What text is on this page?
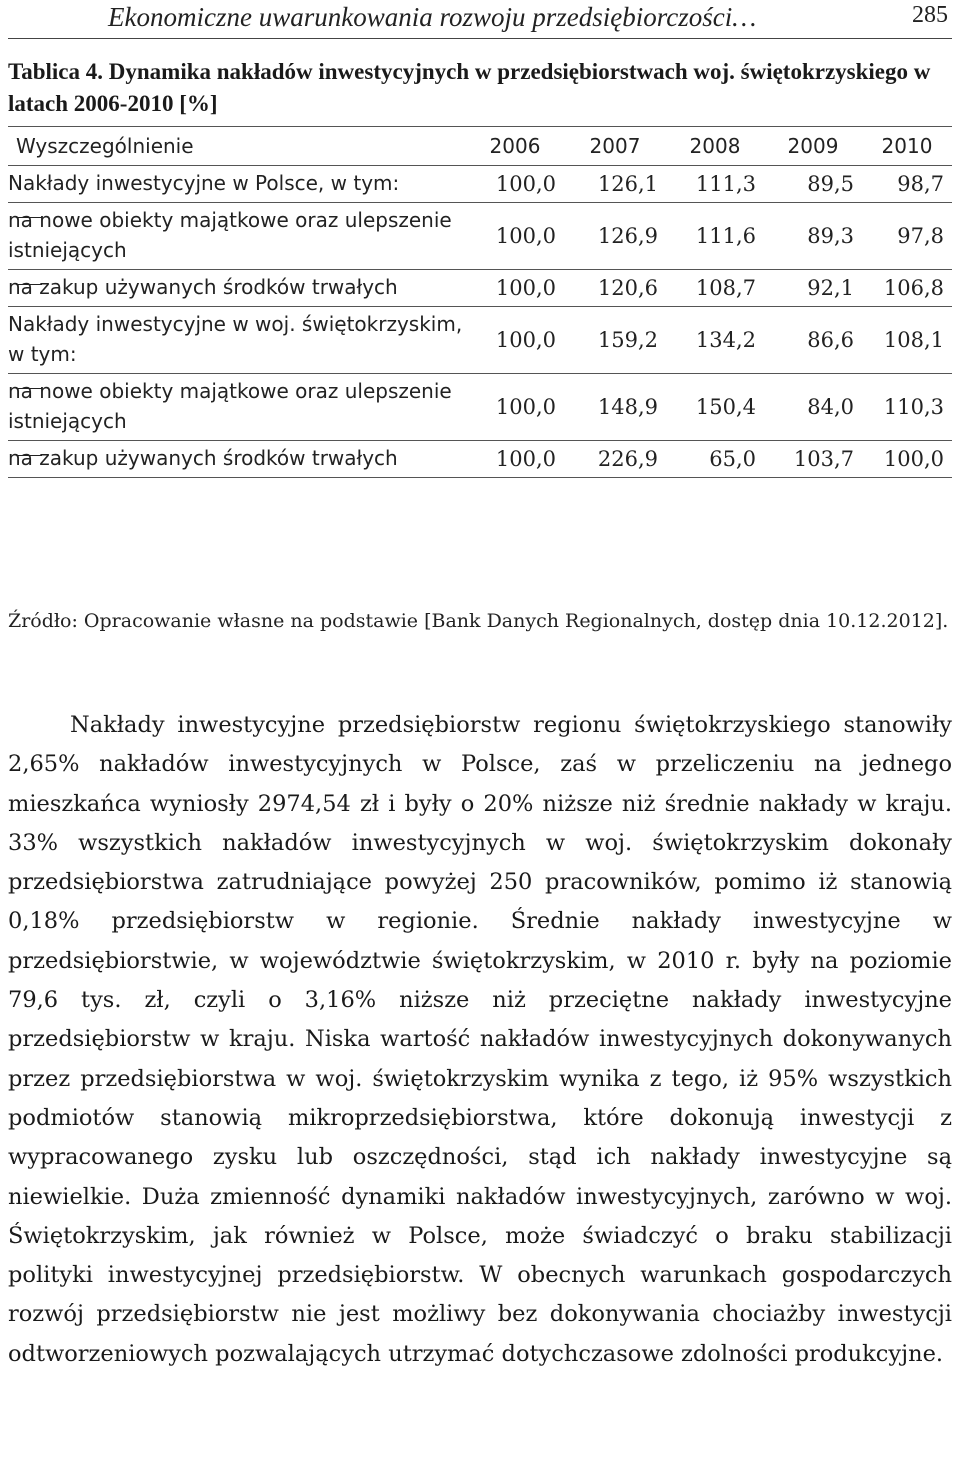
Ekonomiczne uwarunkowania rozwoju przedsiębiorczości…	285
Tablica 4. Dynamika nakładów inwestycyjnych w przedsiębiorstwach woj. świętokrzyskiego w latach 2006-2010 [%]
Wyszczególnienie	2006	2007	2008	2009	2010
Nakłady inwestycyjne w Polsce, w tym:	100,0	126,1	111,3	89,5	98,7

na nowe obiekty majątkowe oraz ulepszenie istniejących	100,0	126,9	111,6	89,3	97,8

na zakup używanych środków trwałych	100,0	120,6	108,7	92,1	106,8
Nakłady inwestycyjne w woj. świętokrzyskim, w tym:	100,0	159,2	134,2	86,6	108,1

na nowe obiekty majątkowe oraz ulepszenie istniejących	100,0	148,9	150,4	84,0	110,3

na zakup używanych środków trwałych	100,0	226,9	65,0	103,7	100,0
Źródło: Opracowanie własne na podstawie [Bank Danych Regionalnych, dostęp dnia 10.12.2012].

Nakłady inwestycyjne przedsiębiorstw regionu świętokrzyskiego stanowiły 2,65% nakładów inwestycyjnych w Polsce, zaś w przeliczeniu na jednego mieszkańca wyniosły 2974,54 zł i były o 20% niższe niż średnie nakłady w kraju. 33% wszystkich nakładów inwestycyjnych w woj. świętokrzyskim dokonały przedsiębiorstwa zatrudniające powyżej 250 pracowników, pomimo iż stanowią 0,18% przedsiębiorstw w regionie. Średnie nakłady inwestycyjne w przedsiębiorstwie, w województwie świętokrzyskim, w 2010 r. były na poziomie 79,6 tys. zł, czyli o 3,16% niższe niż przeciętne nakłady inwestycyjne przedsiębiorstw w kraju. Niska wartość nakładów inwestycyjnych dokonywanych przez przedsiębiorstwa w woj. świętokrzyskim wynika z tego, iż 95% wszystkich podmiotów stanowią mikroprzedsiębiorstwa, które dokonują inwestycji z wypracowanego zysku lub oszczędności, stąd ich nakłady inwestycyjne są niewielkie. Duża zmienność dynamiki nakładów inwestycyjnych, zarówno w woj. Świętokrzyskim, jak również w Polsce, może świadczyć o braku stabilizacji polityki inwestycyjnej przedsiębiorstw. W obecnych warunkach gospodarczych rozwój przedsiębiorstw nie jest możliwy bez dokonywania chociażby inwestycji odtworzeniowych pozwalających utrzymać dotychczasowe zdolności produkcyjne.
